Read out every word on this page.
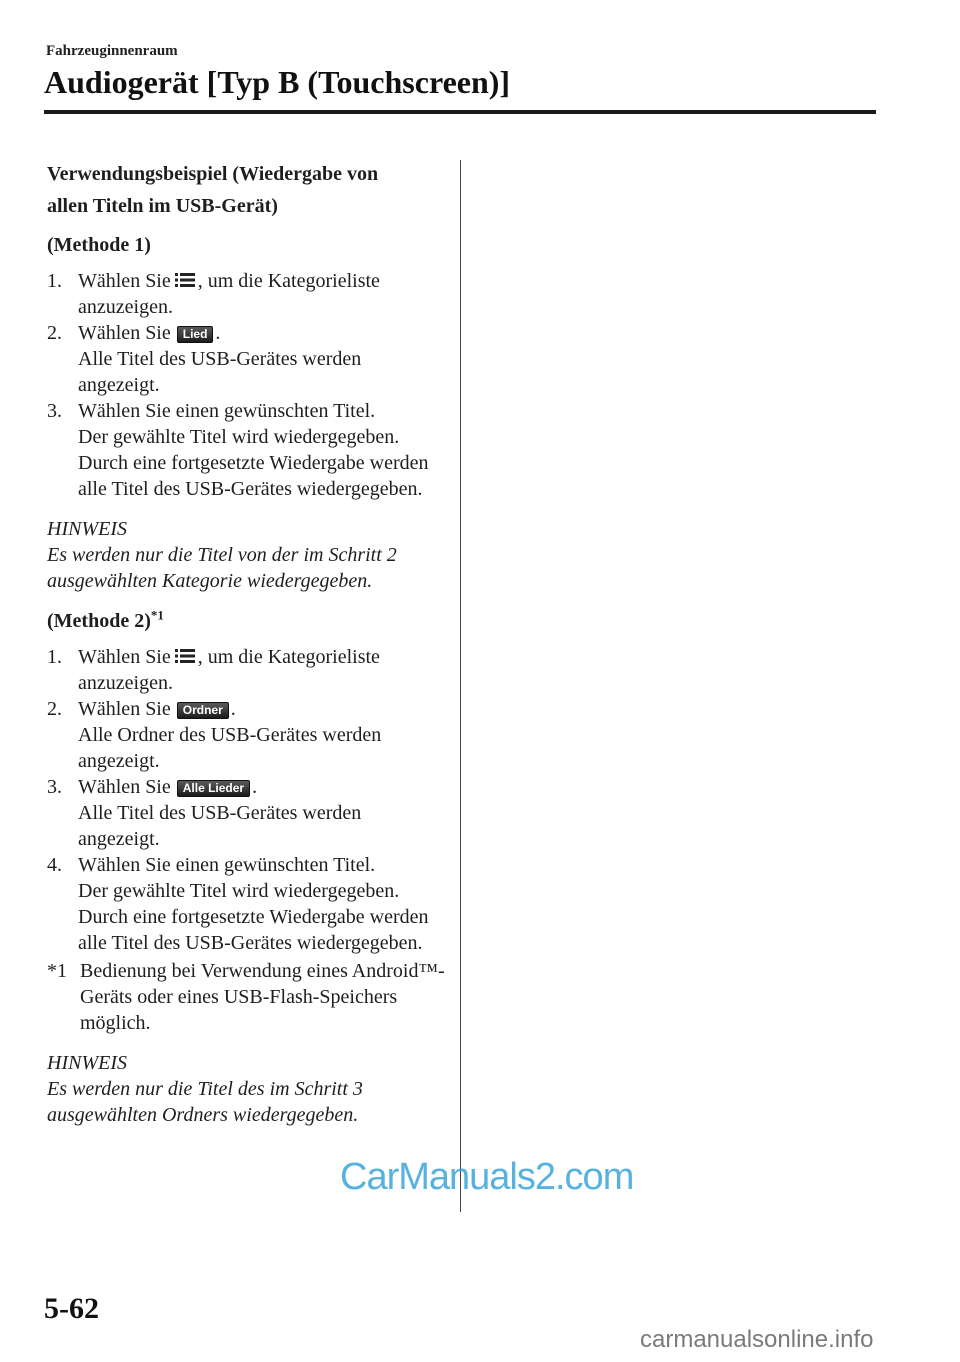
Fahrzeuginnenraum
Audiogerät [Typ B (Touchscreen)]

Verwendungsbeispiel (Wiedergabe von
allen Titeln im USB-Gerät)

(Methode 1)
1. Wählen Sie , um die Kategorieliste anzuzeigen.
2. Wählen Sie Lied .
Alle Titel des USB-Gerätes werden angezeigt.
3. Wählen Sie einen gewünschten Titel.
Der gewählte Titel wird wiedergegeben. Durch eine fortgesetzte Wiedergabe werden alle Titel des USB-Gerätes wiedergegeben.
HINWEIS
Es werden nur die Titel von der im Schritt 2 ausgewählten Kategorie wiedergegeben.
(Methode 2)$^{*1}$
1. Wählen Sie , um die Kategorieliste anzuzeigen.
2. Wählen Sie Ordner .
Alle Ordner des USB-Gerätes werden angezeigt.
3. Wählen Sie Alle Lieder .
Alle Titel des USB-Gerätes werden angezeigt.
4. Wählen Sie einen gewünschten Titel.
Der gewählte Titel wird wiedergegeben. Durch eine fortgesetzte Wiedergabe werden alle Titel des USB-Gerätes wiedergegeben.
*1 Bedienung bei Verwendung eines Android™-Geräts oder eines USB-Flash-Speichers möglich.
HINWEIS
Es werden nur die Titel des im Schritt 3 ausgewählten Ordners wiedergegeben.
5-62
CarManuals2.com
carmanualsonline.info
